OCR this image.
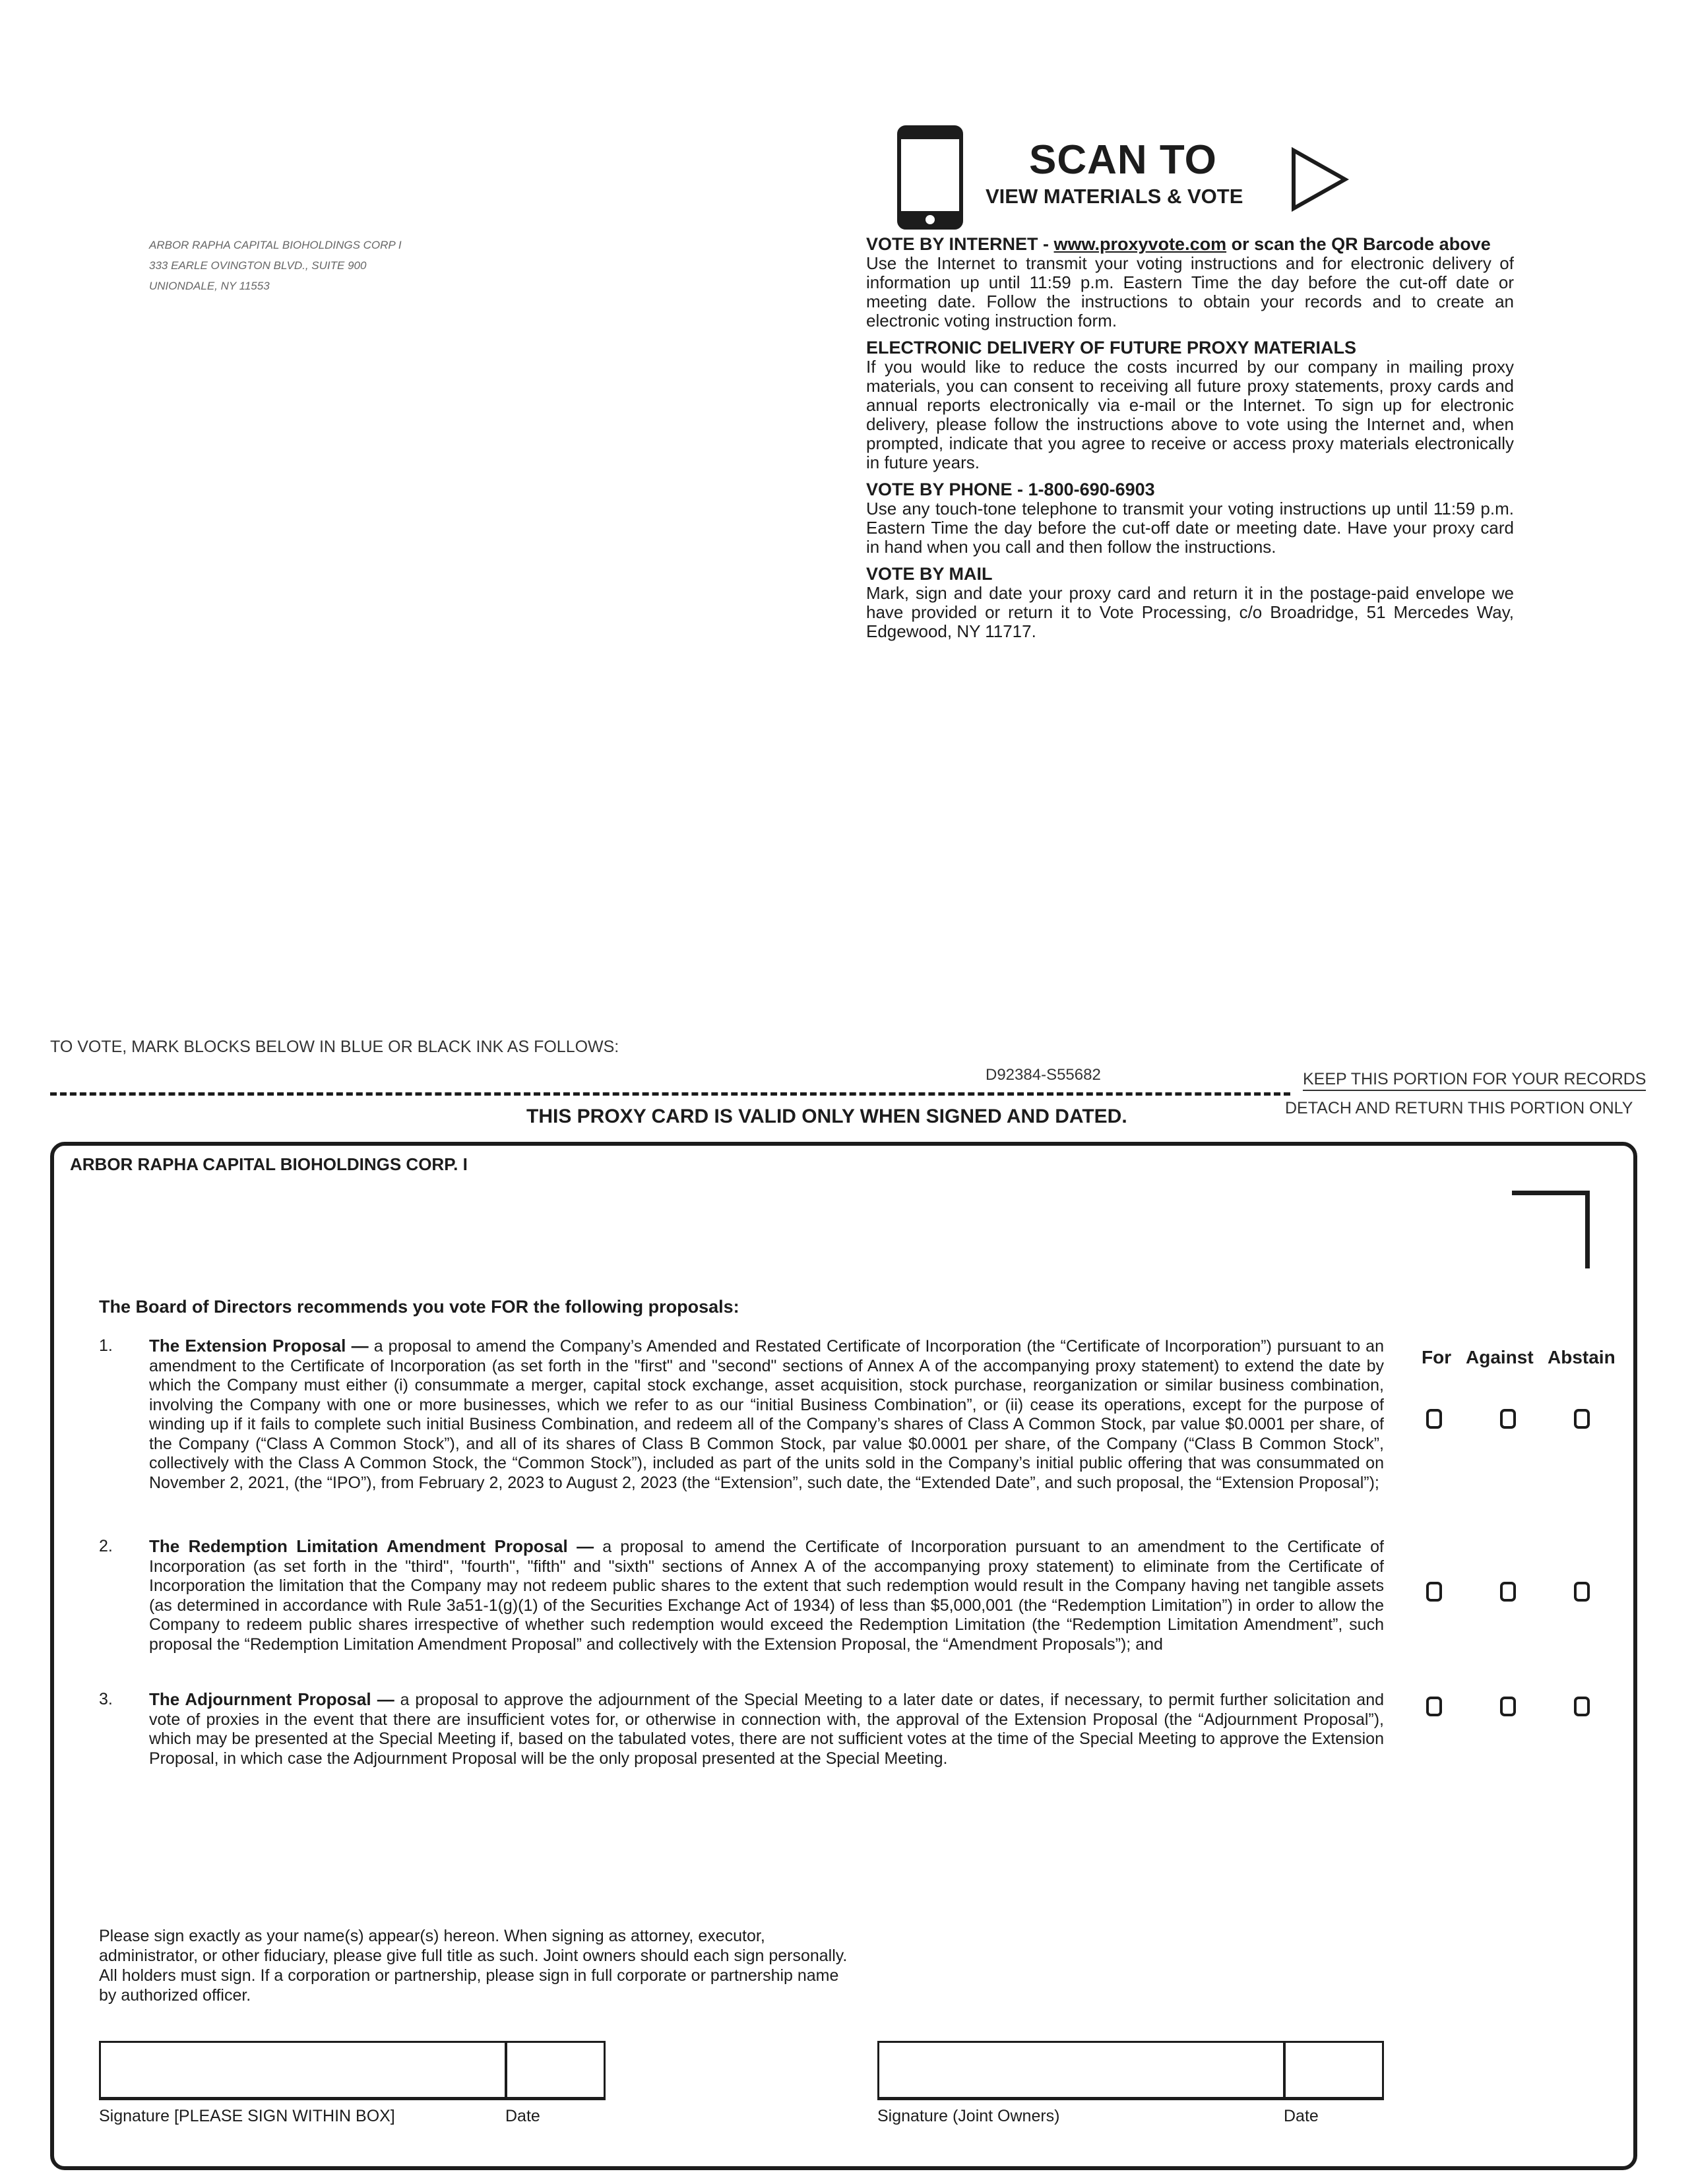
ARBOR RAPHA CAPITAL BIOHOLDINGS CORP I
333 EARLE OVINGTON BLVD., SUITE 900
UNIONDALE, NY 11553
SCAN TO
VIEW MATERIALS & VOTE
VOTE BY INTERNET - www.proxyvote.com or scan the QR Barcode above

Use the Internet to transmit your voting instructions and for electronic delivery of information up until 11:59 p.m. Eastern Time the day before the cut-off date or meeting date. Follow the instructions to obtain your records and to create an electronic voting instruction form.

ELECTRONIC DELIVERY OF FUTURE PROXY MATERIALS

If you would like to reduce the costs incurred by our company in mailing proxy materials, you can consent to receiving all future proxy statements, proxy cards and annual reports electronically via e-mail or the Internet. To sign up for electronic delivery, please follow the instructions above to vote using the Internet and, when prompted, indicate that you agree to receive or access proxy materials electronically in future years.

VOTE BY PHONE - 1-800-690-6903

Use any touch-tone telephone to transmit your voting instructions up until 11:59 p.m. Eastern Time the day before the cut-off date or meeting date. Have your proxy card in hand when you call and then follow the instructions.

VOTE BY MAIL

Mark, sign and date your proxy card and return it in the postage-paid envelope we have provided or return it to Vote Processing, c/o Broadridge, 51 Mercedes Way, Edgewood, NY 11717.

TO VOTE, MARK BLOCKS BELOW IN BLUE OR BLACK INK AS FOLLOWS:
D92384-S55682	KEEP THIS PORTION FOR YOUR RECORDS
THIS PROXY CARD IS VALID ONLY WHEN SIGNED AND DATED.	DETACH AND RETURN THIS PORTION ONLY
ARBOR RAPHA CAPITAL BIOHOLDINGS CORP. I
The Board of Directors recommends you vote FOR the following proposals:
For Against Abstain
1. The Extension Proposal — a proposal to amend the Company’s Amended and Restated Certificate of Incorporation (the “Certificate of Incorporation”) pursuant to an amendment to the Certificate of Incorporation (as set forth in the "first" and "second" sections of Annex A of the accompanying proxy statement) to extend the date by which the Company must either (i) consummate a merger, capital stock exchange, asset acquisition, stock purchase, reorganization or similar business combination, involving the Company with one or more businesses, which we refer to as our “initial Business Combination”, or (ii) cease its operations, except for the purpose of winding up if it fails to complete such initial Business Combination, and redeem all of the Company’s shares of Class A Common Stock, par value $0.0001 per share, of the Company (“Class A Common Stock”), and all of its shares of Class B Common Stock, par value $0.0001 per share, of the Company (“Class B Common Stock”, collectively with the Class A Common Stock, the “Common Stock”), included as part of the units sold in the Company’s initial public offering that was consummated on November 2, 2021, (the “IPO”), from February 2, 2023 to August 2, 2023 (the “Extension”, such date, the “Extended Date”, and such proposal, the “Extension Proposal”);
2. The Redemption Limitation Amendment Proposal — a proposal to amend the Certificate of Incorporation pursuant to an amendment to the Certificate of Incorporation (as set forth in the "third", "fourth", "fifth" and "sixth" sections of Annex A of the accompanying proxy statement) to eliminate from the Certificate of Incorporation the limitation that the Company may not redeem public shares to the extent that such redemption would result in the Company having net tangible assets (as determined in accordance with Rule 3a51-1(g)(1) of the Securities Exchange Act of 1934) of less than $5,000,001 (the “Redemption Limitation”) in order to allow the Company to redeem public shares irrespective of whether such redemption would exceed the Redemption Limitation (the “Redemption Limitation Amendment”, such proposal the “Redemption Limitation Amendment Proposal” and collectively with the Extension Proposal, the “Amendment Proposals”); and
3. The Adjournment Proposal — a proposal to approve the adjournment of the Special Meeting to a later date or dates, if necessary, to permit further solicitation and vote of proxies in the event that there are insufficient votes for, or otherwise in connection with, the approval of the Extension Proposal (the “Adjournment Proposal”), which may be presented at the Special Meeting if, based on the tabulated votes, there are not sufficient votes at the time of the Special Meeting to approve the Extension Proposal, in which case the Adjournment Proposal will be the only proposal presented at the Special Meeting.
Please sign exactly as your name(s) appear(s) hereon. When signing as attorney, executor, administrator, or other fiduciary, please give full title as such. Joint owners should each sign personally. All holders must sign. If a corporation or partnership, please sign in full corporate or partnership name by authorized officer.
Signature [PLEASE SIGN WITHIN BOX]	Date	Signature (Joint Owners)	Date
